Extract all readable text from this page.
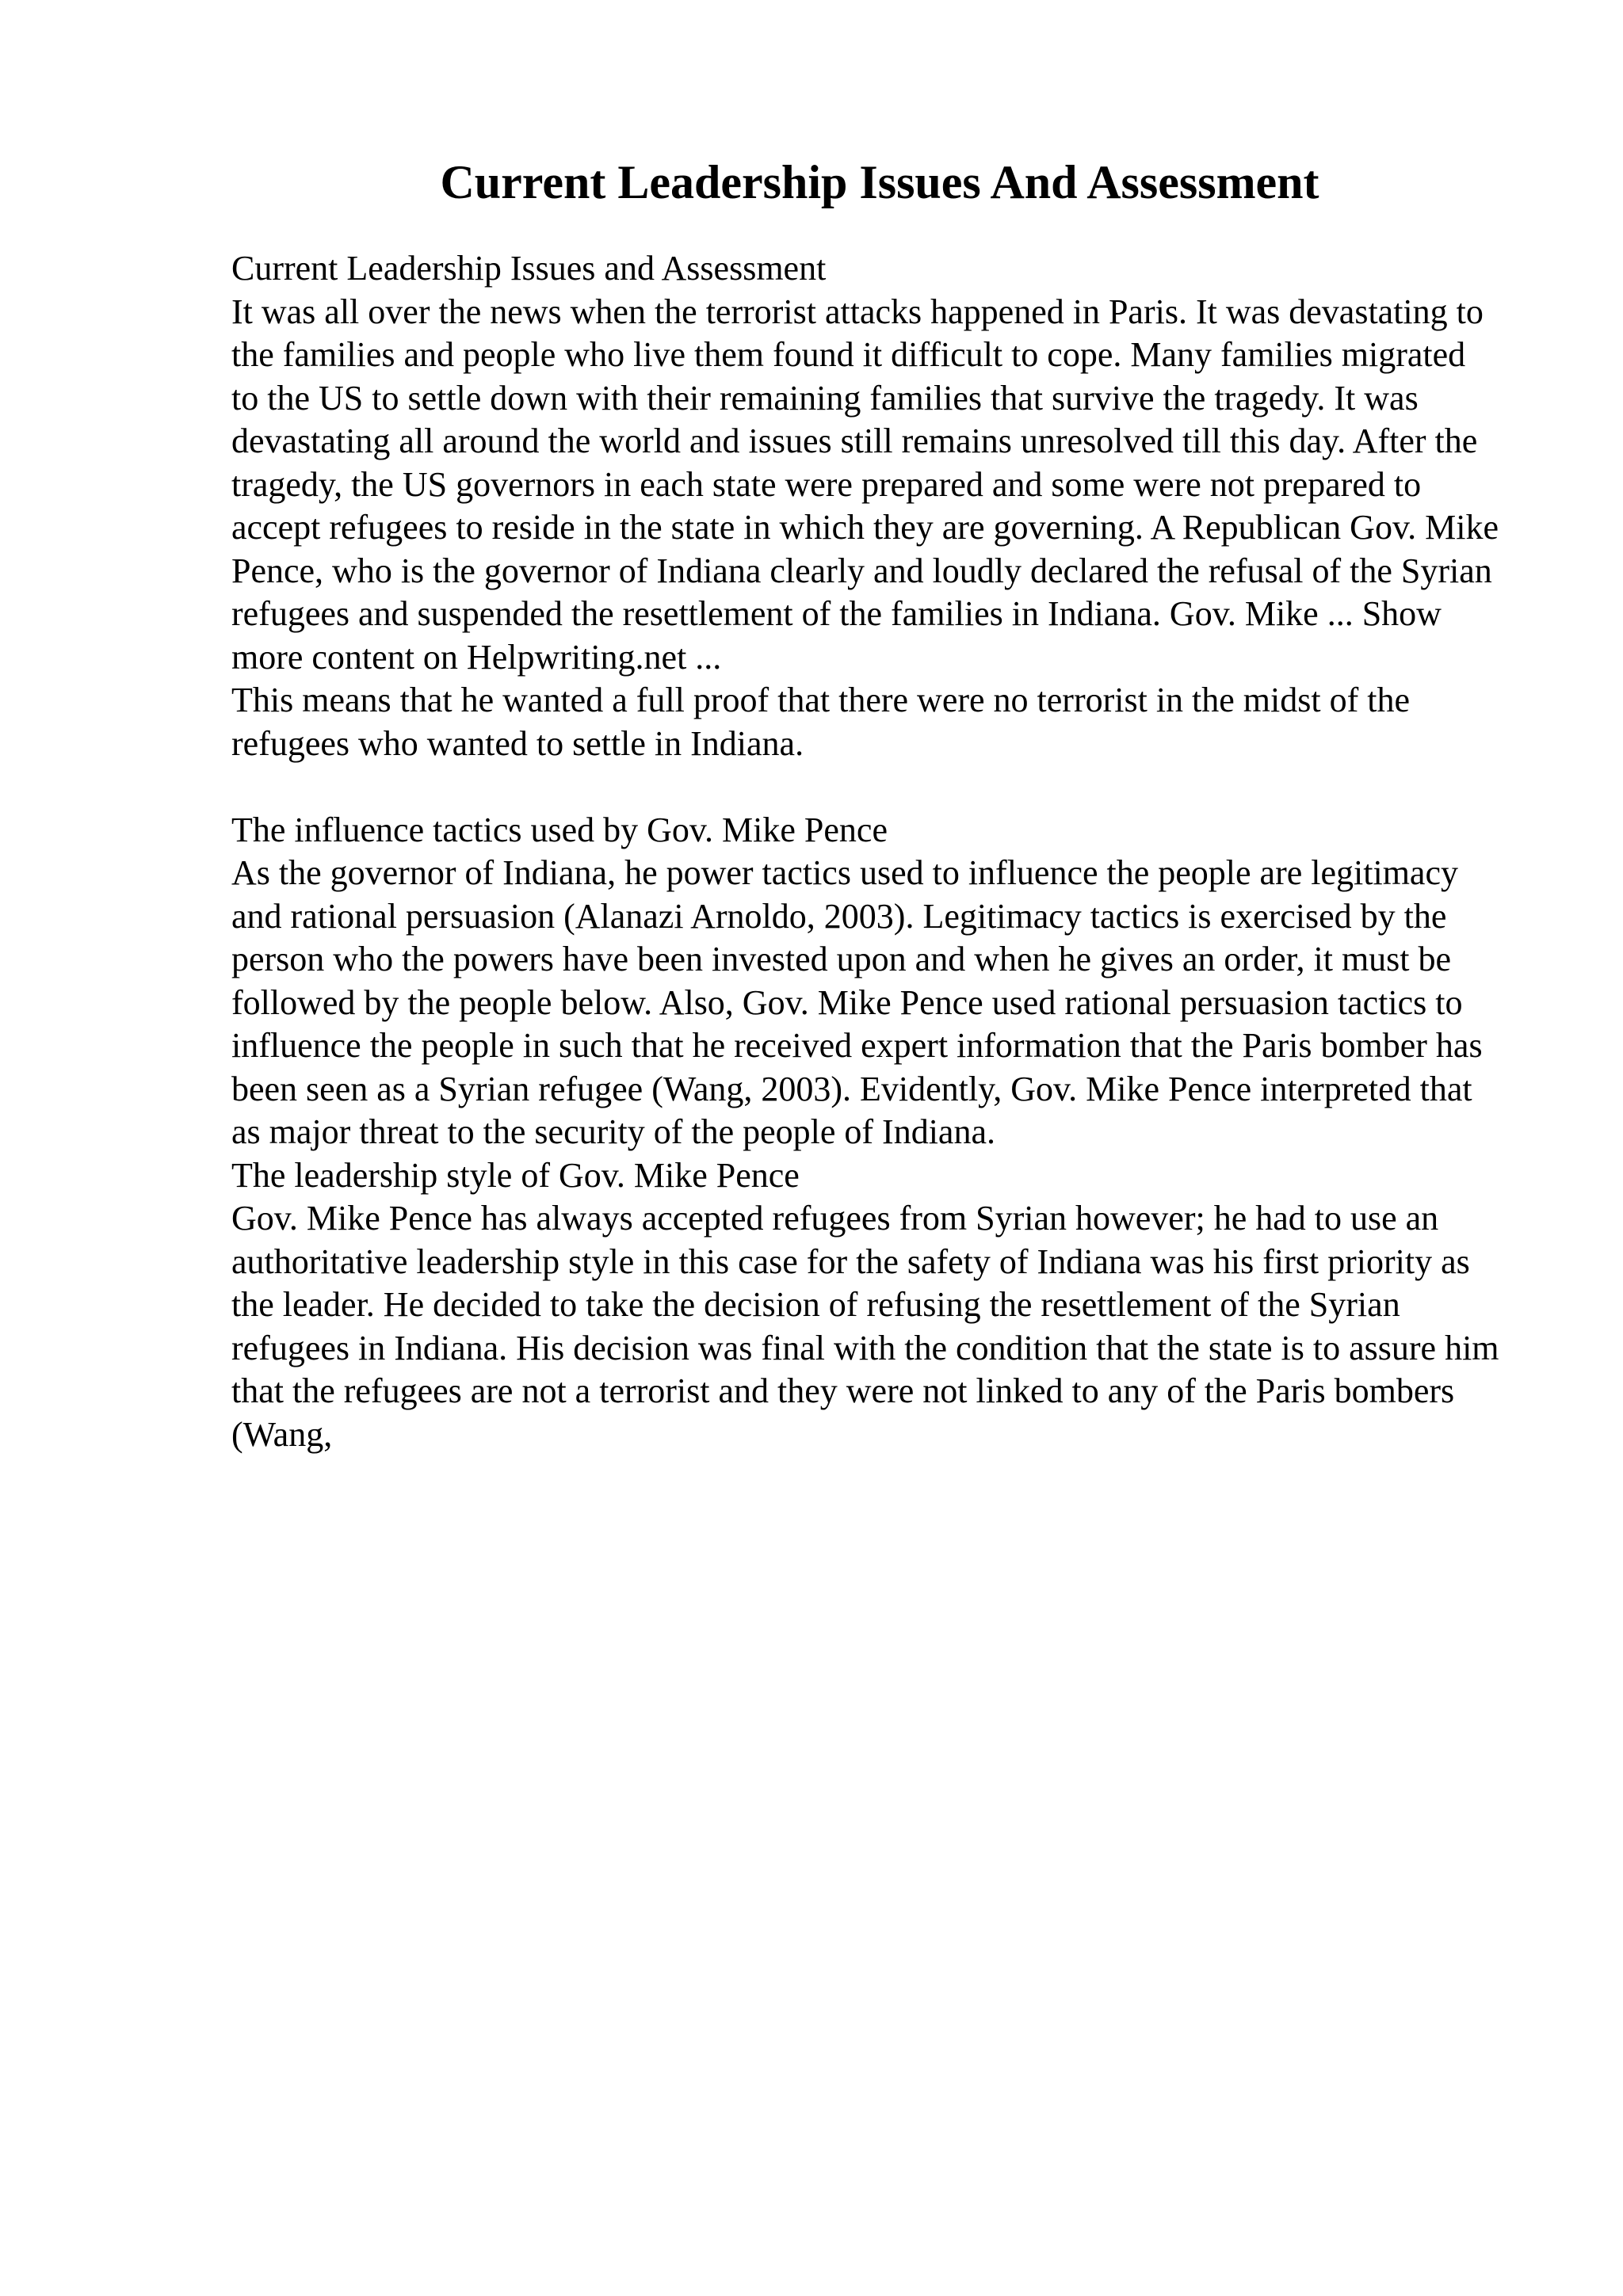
Current Leadership Issues And Assessment

Current Leadership Issues and Assessment

It was all over the news when the terrorist attacks happened in Paris. It was devastating to the families and people who live them found it difficult to cope. Many families migrated to the US to settle down with their remaining families that survive the tragedy. It was devastating all around the world and issues still remains unresolved till this day. After the tragedy, the US governors in each state were prepared and some were not prepared to accept refugees to reside in the state in which they are governing. A Republican Gov. Mike Pence, who is the governor of Indiana clearly and loudly declared the refusal of the Syrian refugees and suspended the resettlement of the families in Indiana. Gov. Mike ... Show more content on Helpwriting.net ...

This means that he wanted a full proof that there were no terrorist in the midst of the refugees who wanted to settle in Indiana.

The influence tactics used by Gov. Mike Pence

As the governor of Indiana, he power tactics used to influence the people are legitimacy and rational persuasion (Alanazi Arnoldo, 2003). Legitimacy tactics is exercised by the person who the powers have been invested upon and when he gives an order, it must be followed by the people below. Also, Gov. Mike Pence used rational persuasion tactics to influence the people in such that he received expert information that the Paris bomber has been seen as a Syrian refugee (Wang, 2003). Evidently, Gov. Mike Pence interpreted that as major threat to the security of the people of Indiana.

The leadership style of Gov. Mike Pence

Gov. Mike Pence has always accepted refugees from Syrian however; he had to use an authoritative leadership style in this case for the safety of Indiana was his first priority as the leader. He decided to take the decision of refusing the resettlement of the Syrian refugees in Indiana. His decision was final with the condition that the state is to assure him that the refugees are not a terrorist and they were not linked to any of the Paris bombers (Wang,
